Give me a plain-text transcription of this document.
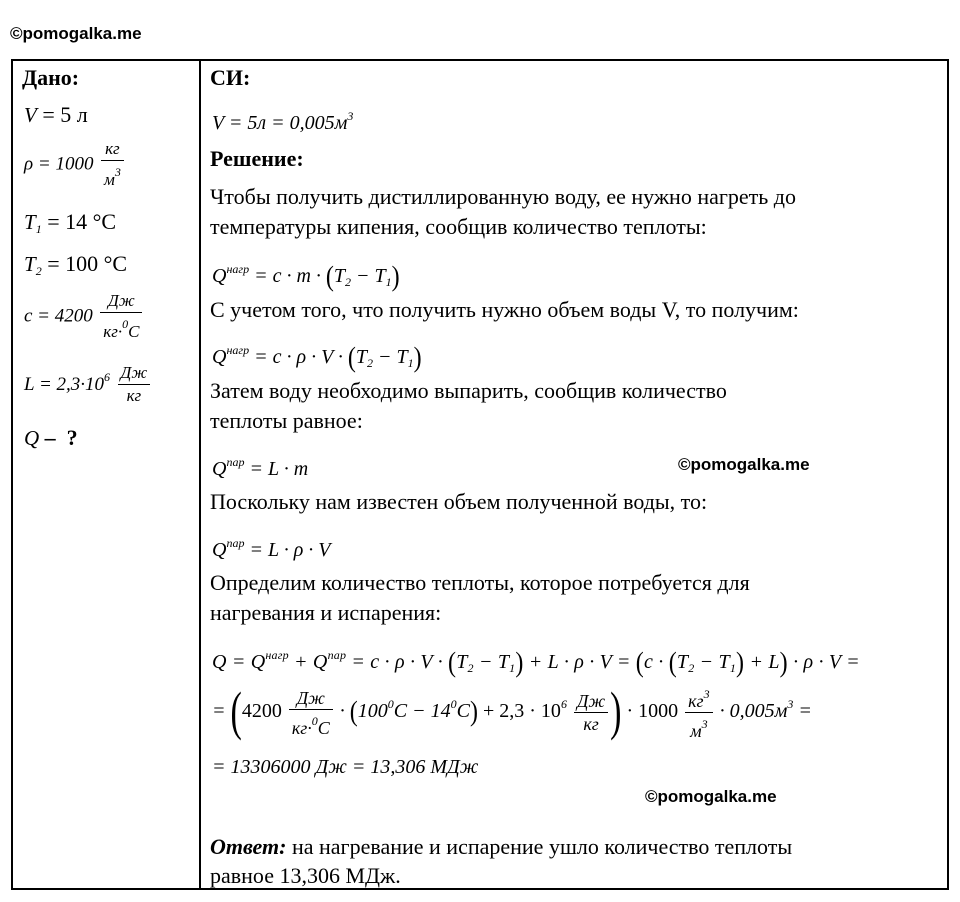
©pomogalka.me
Дано:
V = 5 л
$\rho = 1000 \frac{кг}{м^3}$
$T_1 = 14$ °C
$T_2 = 100$ °C
$c = 4200 \frac{Дж}{кг\cdot^0C}$
$L = 2,3\cdot 10^6 \frac{Дж}{кг}$
Q – ?
СИ:
$V = 5л = 0,005м^3$
Решение:
Чтобы получить дистиллированную воду, ее нужно нагреть до
температуры кипения, сообщив количество теплоты:
$Q^{нагр} = c \cdot m \cdot (T_2 - T_1)$
С учетом того, что получить нужно объем воды V, то получим:
$Q^{нагр} = c \cdot \rho \cdot V \cdot (T_2 - T_1)$
Затем воду необходимо выпарить, сообщив количество
теплоты равное:
$Q^{пар} = L \cdot m$	©pomogalka.me
Поскольку нам известен объем полученной воды, то:
$Q^{пар} = L \cdot \rho \cdot V$
Определим количество теплоты, которое потребуется для
нагревания и испарения:
$Q = Q^{нагр} + Q^{пар} = c \cdot \rho \cdot V \cdot (T_2 - T_1) + L \cdot \rho \cdot V = (c \cdot (T_2 - T_1) + L) \cdot \rho \cdot V$ =
= ($4200 \frac{Дж}{кг\cdot^0C} \cdot (100^0C - 14^0C) + 2,3 \cdot 10^6 \frac{Дж}{кг}$ ) · $1000 \frac{кг^3}{м^3} \cdot 0,005м^3$ =
= 13306000 Дж = 13,306 МДж
©pomogalka.me
Ответ: на нагревание и испарение ушло количество теплоты
равное 13,306 МДж.
